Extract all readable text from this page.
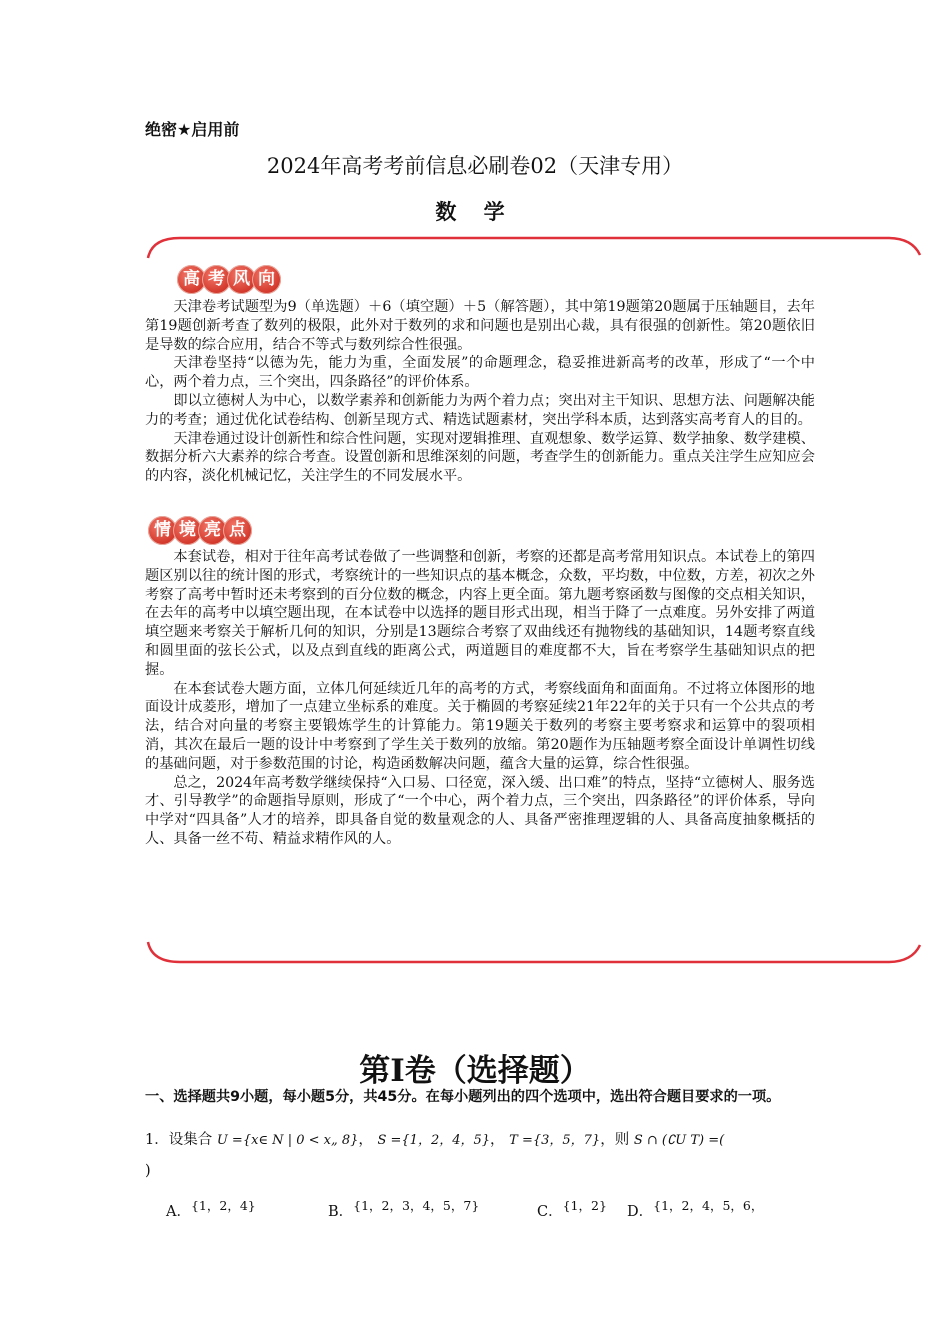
绝密★启用前
2024年高考考前信息必刷卷02（天津专用）
数 学
高 考 风 向

天津卷考试题型为9（单选题）＋6（填空题）＋5（解答题），其中第19题第20题属于压轴题目，去年第19题创新考查了数列的极限，此外对于数列的求和问题也是别出心裁，具有很强的创新性。第20题依旧是导数的综合应用，结合不等式与数列综合性很强。

天津卷坚持“以德为先，能力为重，全面发展”的命题理念，稳妥推进新高考的改革，形成了“一个中心，两个着力点，三个突出，四条路径”的评价体系。

即以立德树人为中心，以数学素养和创新能力为两个着力点；突出对主干知识、思想方法、问题解决能力的考查；通过优化试卷结构、创新呈现方式、精选试题素材，突出学科本质，达到落实高考育人的目的。

天津卷通过设计创新性和综合性问题，实现对逻辑推理、直观想象、数学运算、数学抽象、数学建模、数据分析六大素养的综合考查。设置创新和思维深刻的问题，考查学生的创新能力。重点关注学生应知应会的内容，淡化机械记忆，关注学生的不同发展水平。

情 境 亮 点

本套试卷，相对于往年高考试卷做了一些调整和创新，考察的还都是高考常用知识点。本试卷上的第四题区别以往的统计图的形式，考察统计的一些知识点的基本概念，众数，平均数，中位数，方差，初次之外考察了高考中暂时还未考察到的百分位数的概念，内容上更全面。第九题考察函数与图像的交点相关知识，在去年的高考中以填空题出现，在本试卷中以选择的题目形式出现，相当于降了一点难度。另外安排了两道填空题来考察关于解析几何的知识，分别是13题综合考察了双曲线还有抛物线的基础知识，14题考察直线和圆里面的弦长公式，以及点到直线的距离公式，两道题目的难度都不大，旨在考察学生基础知识点的把握。

在本套试卷大题方面，立体几何延续近几年的高考的方式，考察线面角和面面角。不过将立体图形的地面设计成菱形，增加了一点建立坐标系的难度。关于椭圆的考察延续21年22年的关于只有一个公共点的考法，结合对向量的考察主要锻炼学生的计算能力。第19题关于数列的考察主要考察求和运算中的裂项相消，其次在最后一题的设计中考察到了学生关于数列的放缩。第20题作为压轴题考察全面设计单调性切线的基础问题，对于参数范围的讨论，构造函数解决问题，蕴含大量的运算，综合性很强。

总之，2024年高考数学继续保持“入口易、口径宽，深入缓、出口难”的特点，坚持“立德树人、服务选才、引导教学”的命题指导原则，形成了“一个中心，两个着力点，三个突出，四条路径”的评价体系，导向中学对“四具备”人才的培养，即具备自觉的数量观念的人、具备严密推理逻辑的人、具备高度抽象概括的人、具备一丝不苟、精益求精作风的人。

第Ⅰ卷（选择题）
一、选择题共9小题，每小题5分，共45分。在每小题列出的四个选项中，选出符合题目要求的一项。
1．设集合 U ={x∈ N | 0 < x„ 8}， S ={1，2，4，5}， T ={3，5，7}，则 S ∩ (∁U T) =(
)
A．{1，2，4}	B．{1，2，3，4，5，7}	C．{1，2} D．{1，2，4，5，6，
